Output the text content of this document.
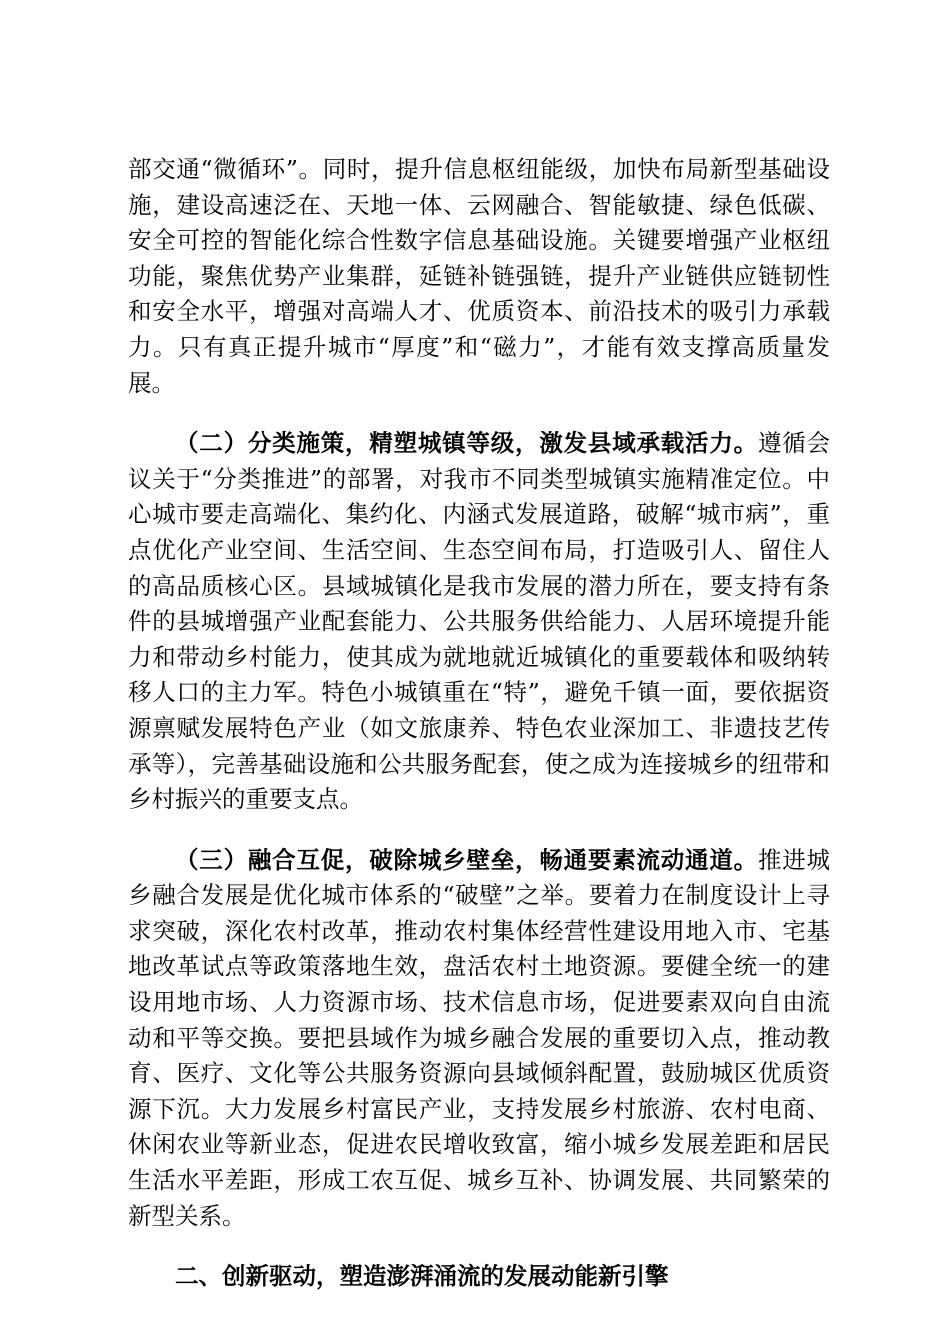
部交通“微循环”。同时，提升信息枢纽能级，加快布局新型基础设施，建设高速泛在、天地一体、云网融合、智能敏捷、绿色低碳、安全可控的智能化综合性数字信息基础设施。关键要增强产业枢纽功能，聚焦优势产业集群，延链补链强链，提升产业链供应链韧性和安全水平，增强对高端人才、优质资本、前沿技术的吸引力承载力。只有真正提升城市“厚度”和“磁力”，才能有效支撑高质量发展。

（二）分类施策，精塑城镇等级，激发县域承载活力。遵循会议关于“分类推进”的部署，对我市不同类型城镇实施精准定位。中心城市要走高端化、集约化、内涵式发展道路，破解“城市病”，重点优化产业空间、生活空间、生态空间布局，打造吸引人、留住人的高品质核心区。县域城镇化是我市发展的潜力所在，要支持有条件的县城增强产业配套能力、公共服务供给能力、人居环境提升能力和带动乡村能力，使其成为就地就近城镇化的重要载体和吸纳转移人口的主力军。特色小城镇重在“特”，避免千镇一面，要依据资源禀赋发展特色产业（如文旅康养、特色农业深加工、非遗技艺传承等），完善基础设施和公共服务配套，使之成为连接城乡的纽带和乡村振兴的重要支点。

（三）融合互促，破除城乡壁垒，畅通要素流动通道。推进城乡融合发展是优化城市体系的“破壁”之举。要着力在制度设计上寻求突破，深化农村改革，推动农村集体经营性建设用地入市、宅基地改革试点等政策落地生效，盘活农村土地资源。要健全统一的建设用地市场、人力资源市场、技术信息市场，促进要素双向自由流动和平等交换。要把县域作为城乡融合发展的重要切入点，推动教育、医疗、文化等公共服务资源向县域倾斜配置，鼓励城区优质资源下沉。大力发展乡村富民产业，支持发展乡村旅游、农村电商、休闲农业等新业态，促进农民增收致富，缩小城乡发展差距和居民生活水平差距，形成工农互促、城乡互补、协调发展、共同繁荣的新型关系。

二、创新驱动，塑造澎湃涌流的发展动能新引擎
